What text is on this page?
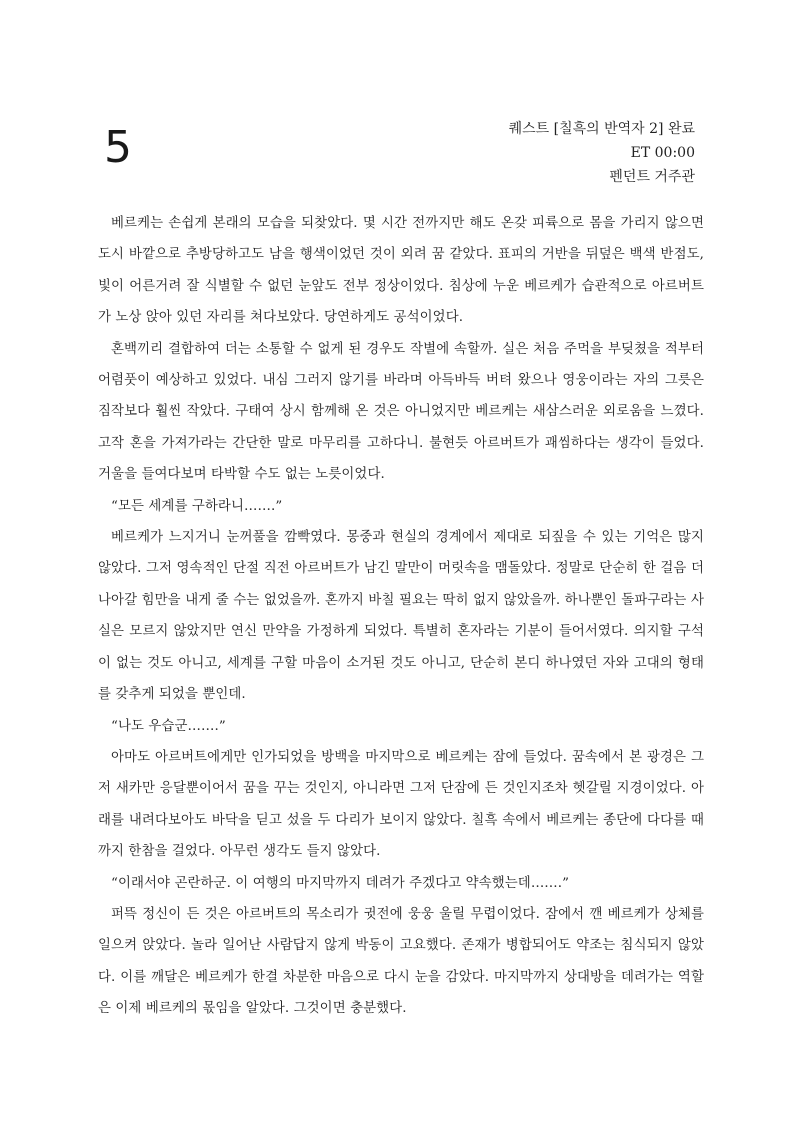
5	퀘스트 [칠흑의 반역자 2] 완료
ET 00:00
펜던트 거주관

베르케는 손쉽게 본래의 모습을 되찾았다. 몇 시간 전까지만 해도 온갖 피륙으로 몸을 가리지 않으면 도시 바깥으로 추방당하고도 남을 행색이었던 것이 외려 꿈 같았다. 표피의 거반을 뒤덮은 백색 반점도, 빛이 어른거려 잘 식별할 수 없던 눈앞도 전부 정상이었다. 침상에 누운 베르케가 습관적으로 아르버트가 노상 앉아 있던 자리를 쳐다보았다. 당연하게도 공석이었다.

혼백끼리 결합하여 더는 소통할 수 없게 된 경우도 작별에 속할까. 실은 처음 주먹을 부딪쳤을 적부터 어렴풋이 예상하고 있었다. 내심 그러지 않기를 바라며 아득바득 버텨 왔으나 영웅이라는 자의 그릇은 짐작보다 훨씬 작았다. 구태여 상시 함께해 온 것은 아니었지만 베르케는 새삼스러운 외로움을 느꼈다. 고작 혼을 가져가라는 간단한 말로 마무리를 고하다니. 불현듯 아르버트가 괘씸하다는 생각이 들었다. 거울을 들여다보며 타박할 수도 없는 노릇이었다.

“모든 세계를 구하라니…….”

베르케가 느지거니 눈꺼풀을 깜빡였다. 몽중과 현실의 경계에서 제대로 되짚을 수 있는 기억은 많지 않았다. 그저 영속적인 단절 직전 아르버트가 남긴 말만이 머릿속을 맴돌았다. 정말로 단순히 한 걸음 더 나아갈 힘만을 내게 줄 수는 없었을까. 혼까지 바칠 필요는 딱히 없지 않았을까. 하나뿐인 돌파구라는 사실은 모르지 않았지만 연신 만약을 가정하게 되었다. 특별히 혼자라는 기분이 들어서였다. 의지할 구석이 없는 것도 아니고, 세계를 구할 마음이 소거된 것도 아니고, 단순히 본디 하나였던 자와 고대의 형태를 갖추게 되었을 뿐인데.

“나도 우습군…….”

아마도 아르버트에게만 인가되었을 방백을 마지막으로 베르케는 잠에 들었다. 꿈속에서 본 광경은 그저 새카만 응달뿐이어서 꿈을 꾸는 것인지, 아니라면 그저 단잠에 든 것인지조차 헷갈릴 지경이었다. 아래를 내려다보아도 바닥을 딛고 섰을 두 다리가 보이지 않았다. 칠흑 속에서 베르케는 종단에 다다를 때까지 한참을 걸었다. 아무런 생각도 들지 않았다.

“이래서야 곤란하군. 이 여행의 마지막까지 데려가 주겠다고 약속했는데…….”

퍼뜩 정신이 든 것은 아르버트의 목소리가 귓전에 웅웅 울릴 무렵이었다. 잠에서 깬 베르케가 상체를 일으켜 앉았다. 놀라 일어난 사람답지 않게 박동이 고요했다. 존재가 병합되어도 약조는 침식되지 않았다. 이를 깨달은 베르케가 한결 차분한 마음으로 다시 눈을 감았다. 마지막까지 상대방을 데려가는 역할은 이제 베르케의 몫임을 알았다. 그것이면 충분했다.
